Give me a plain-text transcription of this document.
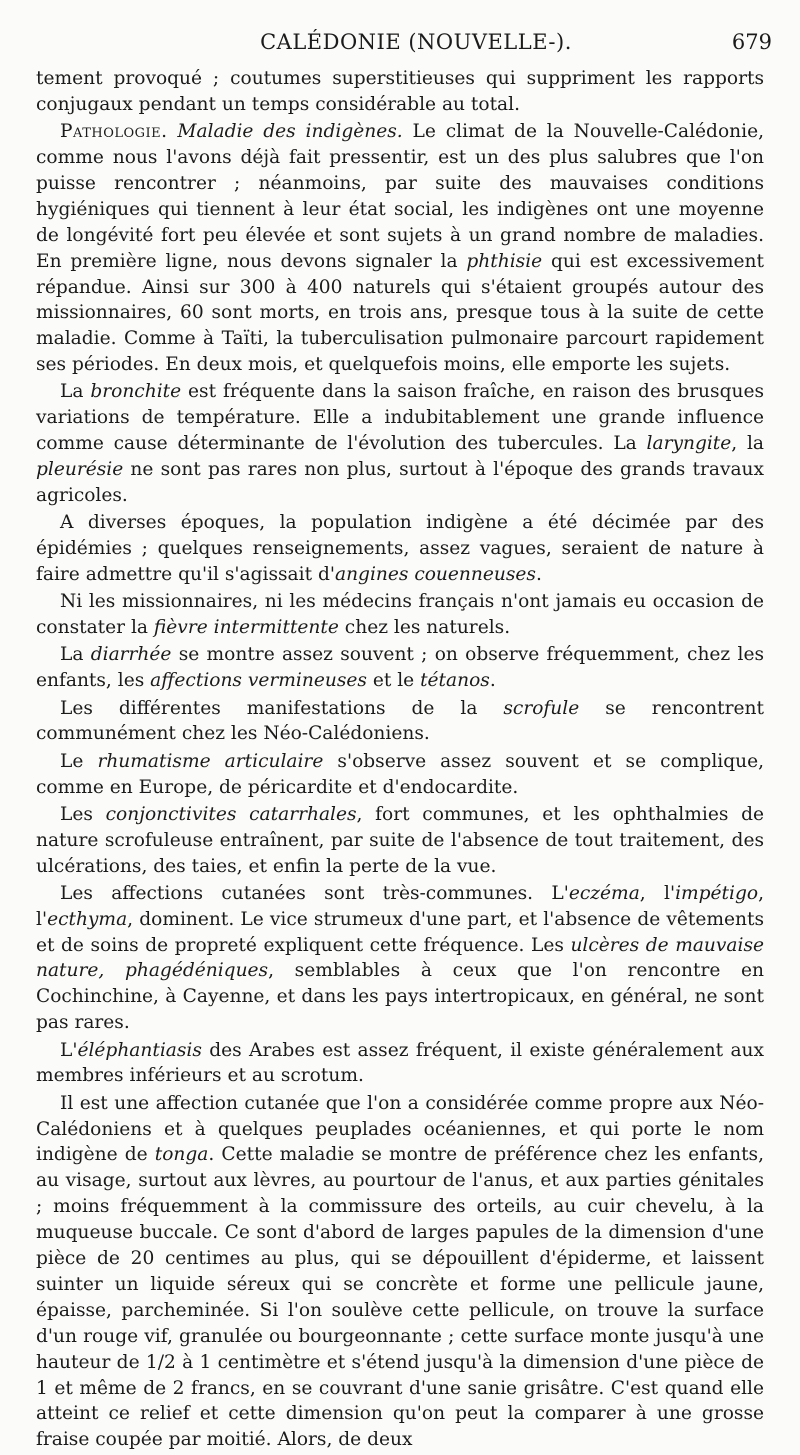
CALÉDONIE (NOUVELLE-).	679

tement provoqué ; coutumes superstitieuses qui suppriment les rapports conjugaux pendant un temps considérable au total.

Pathologie. Maladie des indigènes. Le climat de la Nouvelle-Calédonie, comme nous l'avons déjà fait pressentir, est un des plus salubres que l'on puisse rencontrer ; néanmoins, par suite des mauvaises conditions hygiéniques qui tiennent à leur état social, les indigènes ont une moyenne de longévité fort peu élevée et sont sujets à un grand nombre de maladies. En première ligne, nous devons signaler la phthisie qui est excessivement répandue. Ainsi sur 300 à 400 naturels qui s'étaient groupés autour des missionnaires, 60 sont morts, en trois ans, presque tous à la suite de cette maladie. Comme à Taïti, la tuberculisation pulmonaire parcourt rapidement ses périodes. En deux mois, et quelquefois moins, elle emporte les sujets.

La bronchite est fréquente dans la saison fraîche, en raison des brusques variations de température. Elle a indubitablement une grande influence comme cause déterminante de l'évolution des tubercules. La laryngite, la pleurésie ne sont pas rares non plus, surtout à l'époque des grands travaux agricoles.

A diverses époques, la population indigène a été décimée par des épidémies ; quelques renseignements, assez vagues, seraient de nature à faire admettre qu'il s'agissait d'angines couenneuses.

Ni les missionnaires, ni les médecins français n'ont jamais eu occasion de constater la fièvre intermittente chez les naturels.

La diarrhée se montre assez souvent ; on observe fréquemment, chez les enfants, les affections vermineuses et le tétanos.

Les différentes manifestations de la scrofule se rencontrent communément chez les Néo-Calédoniens.

Le rhumatisme articulaire s'observe assez souvent et se complique, comme en Europe, de péricardite et d'endocardite.

Les conjonctivites catarrhales, fort communes, et les ophthalmies de nature scrofuleuse entraînent, par suite de l'absence de tout traitement, des ulcérations, des taies, et enfin la perte de la vue.

Les affections cutanées sont très-communes. L'eczéma, l'impétigo, l'ecthyma, dominent. Le vice strumeux d'une part, et l'absence de vêtements et de soins de propreté expliquent cette fréquence. Les ulcères de mauvaise nature, phagédéniques, semblables à ceux que l'on rencontre en Cochinchine, à Cayenne, et dans les pays intertropicaux, en général, ne sont pas rares.

L'éléphantiasis des Arabes est assez fréquent, il existe généralement aux membres inférieurs et au scrotum.

Il est une affection cutanée que l'on a considérée comme propre aux Néo-Calédoniens et à quelques peuplades océaniennes, et qui porte le nom indigène de tonga. Cette maladie se montre de préférence chez les enfants, au visage, surtout aux lèvres, au pourtour de l'anus, et aux parties génitales ; moins fréquemment à la commissure des orteils, au cuir chevelu, à la muqueuse buccale. Ce sont d'abord de larges papules de la dimension d'une pièce de 20 centimes au plus, qui se dépouillent d'épiderme, et laissent suinter un liquide séreux qui se concrète et forme une pellicule jaune, épaisse, parcheminée. Si l'on soulève cette pellicule, on trouve la surface d'un rouge vif, granulée ou bourgeonnante ; cette surface monte jusqu'à une hauteur de 1/2 à 1 centimètre et s'étend jusqu'à la dimension d'une pièce de 1 et même de 2 francs, en se couvrant d'une sanie grisâtre. C'est quand elle atteint ce relief et cette dimension qu'on peut la comparer à une grosse fraise coupée par moitié. Alors, de deux
